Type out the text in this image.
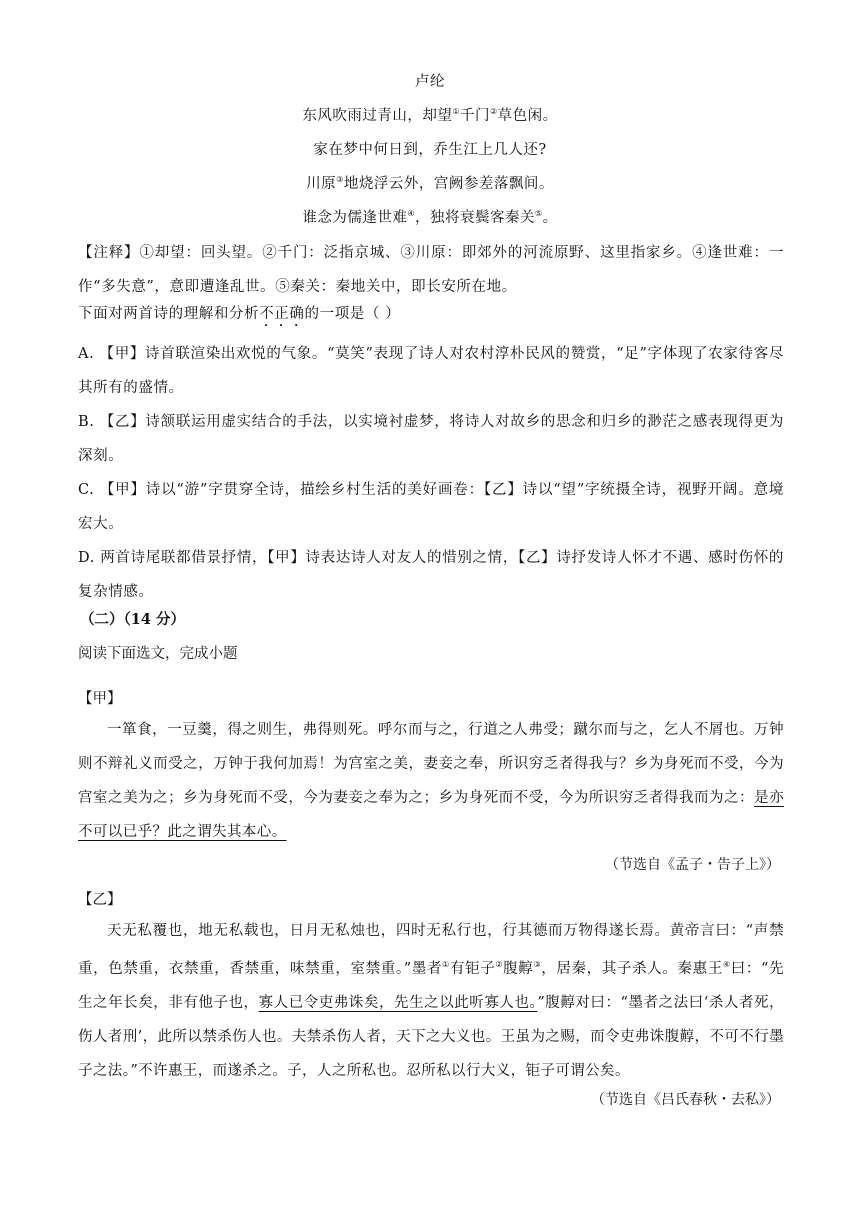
卢纶
东风吹雨过青山，却望①千门②草色闲。
家在梦中何日到，乔生江上几人还?
川原③地烧浮云外，宫阙参差落飘间。
谁念为儒逢世难④，独将衰鬓客秦关⑤。
【注释】①却望：回头望。②千门：泛指京城、③川原：即郊外的河流原野、这里指家乡。④逢世难：一作“多失意”，意即遭逢乱世。⑤秦关：秦地关中，即长安所在地。
下面对两首诗的理解和分析不正确的一项是（ ）
A. 【甲】诗首联渲染出欢悦的气象。“莫笑”表现了诗人对农村淳朴民风的赞赏，“足”字体现了农家待客尽其所有的盛情。
B. 【乙】诗颔联运用虚实结合的手法，以实境衬虚梦，将诗人对故乡的思念和归乡的渺茫之感表现得更为深刻。
C. 【甲】诗以“游”字贯穿全诗，描绘乡村生活的美好画卷：【乙】诗以“望”字统摄全诗，视野开阔。意境宏大。
D. 两首诗尾联都借景抒情，【甲】诗表达诗人对友人的惜别之情，【乙】诗抒发诗人怀才不遇、感时伤怀的复杂情感。
（二）（14 分）
阅读下面选文，完成小题
【甲】
一箪食，一豆羹，得之则生，弗得则死。呼尔而与之，行道之人弗受；蹴尔而与之，乞人不屑也。万钟则不辩礼义而受之，万钟于我何加焉！为宫室之美，妻妾之奉，所识穷乏者得我与？乡为身死而不受，今为宫室之美为之；乡为身死而不受，今为妻妾之奉为之；乡为身死而不受，今为所识穷乏者得我而为之：是亦不可以已乎？此之谓失其本心。
（节选自《孟子・告子上》）
【乙】
天无私覆也，地无私载也，日月无私烛也，四时无私行也，行其德而万物得遂长焉。黄帝言曰：“声禁重，色禁重，衣禁重，香禁重，味禁重，室禁重。”墨者①有钜子②腹䵍③，居秦，其子杀人。秦惠王④曰：“先生之年长矣，非有他子也，寡人已令吏弗诛矣，先生之以此听寡人也。”腹䵍对曰：“墨者之法曰‘杀人者死，伤人者刑’，此所以禁杀伤人也。夫禁杀伤人者，天下之大义也。王虽为之赐，而令吏弗诛腹䵍，不可不行墨子之法。”不许惠王，而遂杀之。子，人之所私也。忍所私以行大义，钜子可谓公矣。
（节选自《吕氏春秋・去私》）
